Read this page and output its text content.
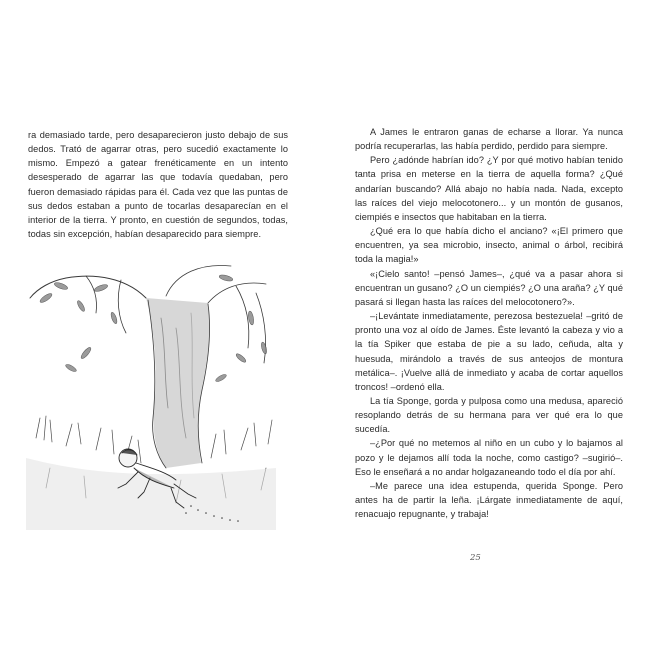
ra demasiado tarde, pero desaparecieron justo debajo de sus dedos. Trató de agarrar otras, pero sucedió exactamente lo mismo. Empezó a gatear frenéticamente en un intento desesperado de agarrar las que todavía quedaban, pero fueron demasiado rápidas para él. Cada vez que las puntas de sus dedos estaban a punto de tocarlas desaparecían en el interior de la tierra. Y pronto, en cuestión de segundos, todas, todas sin excepción, habían desaparecido para siempre.

A James le entraron ganas de echarse a llorar. Ya nunca podría recuperarlas, las había perdido, perdido para siempre.

Pero ¿adónde habrían ido? ¿Y por qué motivo habían tenido tanta prisa en meterse en la tierra de aquella forma? ¿Qué andarían buscando? Allá abajo no había nada. Nada, excepto las raíces del viejo melocotonero... y un montón de gusanos, ciempiés e insectos que habitaban en la tierra.

¿Qué era lo que había dicho el anciano? «¡El primero que encuentren, ya sea microbio, insecto, animal o árbol, recibirá toda la magia!»

«¡Cielo santo! –pensó James–, ¿qué va a pasar ahora si encuentran un gusano? ¿O un ciempiés? ¿O una araña? ¿Y qué pasará si llegan hasta las raíces del melocotonero?».

–¡Levántate inmediatamente, perezosa bestezuela! –gritó de pronto una voz al oído de James. Éste levantó la cabeza y vio a la tía Spiker que estaba de pie a su lado, ceñuda, alta y huesuda, mirándolo a través de sus anteojos de montura metálica–. ¡Vuelve allá de inmediato y acaba de cortar aquellos troncos! –ordenó ella.

La tía Sponge, gorda y pulposa como una medusa, apareció resoplando detrás de su hermana para ver qué era lo que sucedía.

–¿Por qué no metemos al niño en un cubo y lo bajamos al pozo y le dejamos allí toda la noche, como castigo? –sugirió–. Eso le enseñará a no andar holgazaneando todo el día por ahí.

–Me parece una idea estupenda, querida Sponge. Pero antes ha de partir la leña. ¡Lárgate inmediatamente de aquí, renacuajo repugnante, y trabaja!

25
